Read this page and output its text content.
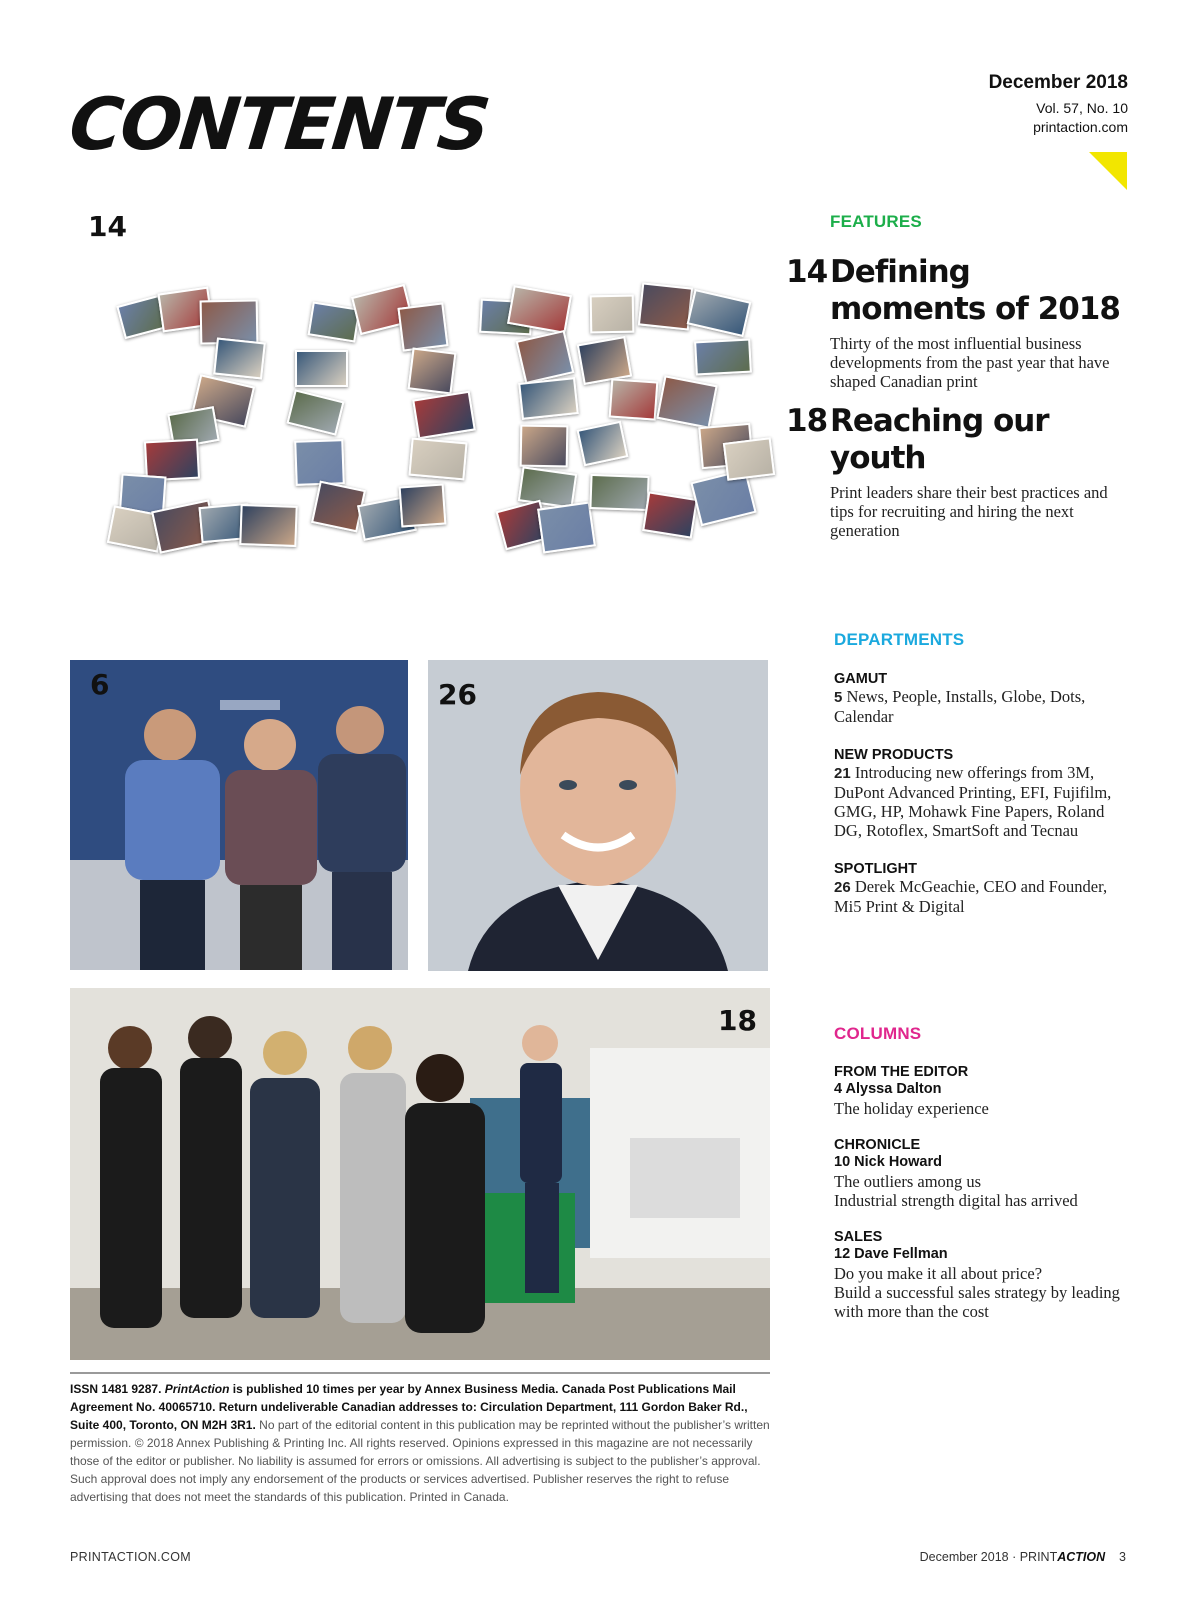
CONTENTS	December 2018
Vol. 57, No. 10
printaction.com
14
6	26
18
FEATURES
14 Defining moments of 2018
Thirty of the most influential business developments from the past year that have shaped Canadian print
18 Reaching our youth
Print leaders share their best practices and tips for recruiting and hiring the next generation
DEPARTMENTS
GAMUT
5 News, People, Installs, Globe, Dots, Calendar
NEW PRODUCTS
21 Introducing new offerings from 3M, DuPont Advanced Printing, EFI, Fujifilm, GMG, HP, Mohawk Fine Papers, Roland DG, Rotoflex, SmartSoft and Tecnau
SPOTLIGHT
26 Derek McGeachie, CEO and Founder, Mi5 Print & Digital
COLUMNS
FROM THE EDITOR
4 Alyssa Dalton
The holiday experience
CHRONICLE
10 Nick Howard
The outliers among us
Industrial strength digital has arrived
SALES
12 Dave Fellman
Do you make it all about price?
Build a successful sales strategy by leading with more than the cost
ISSN 1481 9287. PrintAction is published 10 times per year by Annex Business Media. Canada Post Publications Mail Agreement No. 40065710. Return undeliverable Canadian addresses to: Circulation Department, 111 Gordon Baker Rd., Suite 400, Toronto, ON M2H 3R1. No part of the editorial content in this publication may be reprinted without the publisher’s written permission. © 2018 Annex Publishing & Printing Inc. All rights reserved. Opinions expressed in this magazine are not necessarily those of the editor or publisher. No liability is assumed for errors or omissions. All advertising is subject to the publisher’s approval. Such approval does not imply any endorsement of the products or services advertised. Publisher reserves the right to refuse advertising that does not meet the standards of this publication. Printed in Canada.
PRINTACTION.COM	December 2018 · PRINTACTION 3
